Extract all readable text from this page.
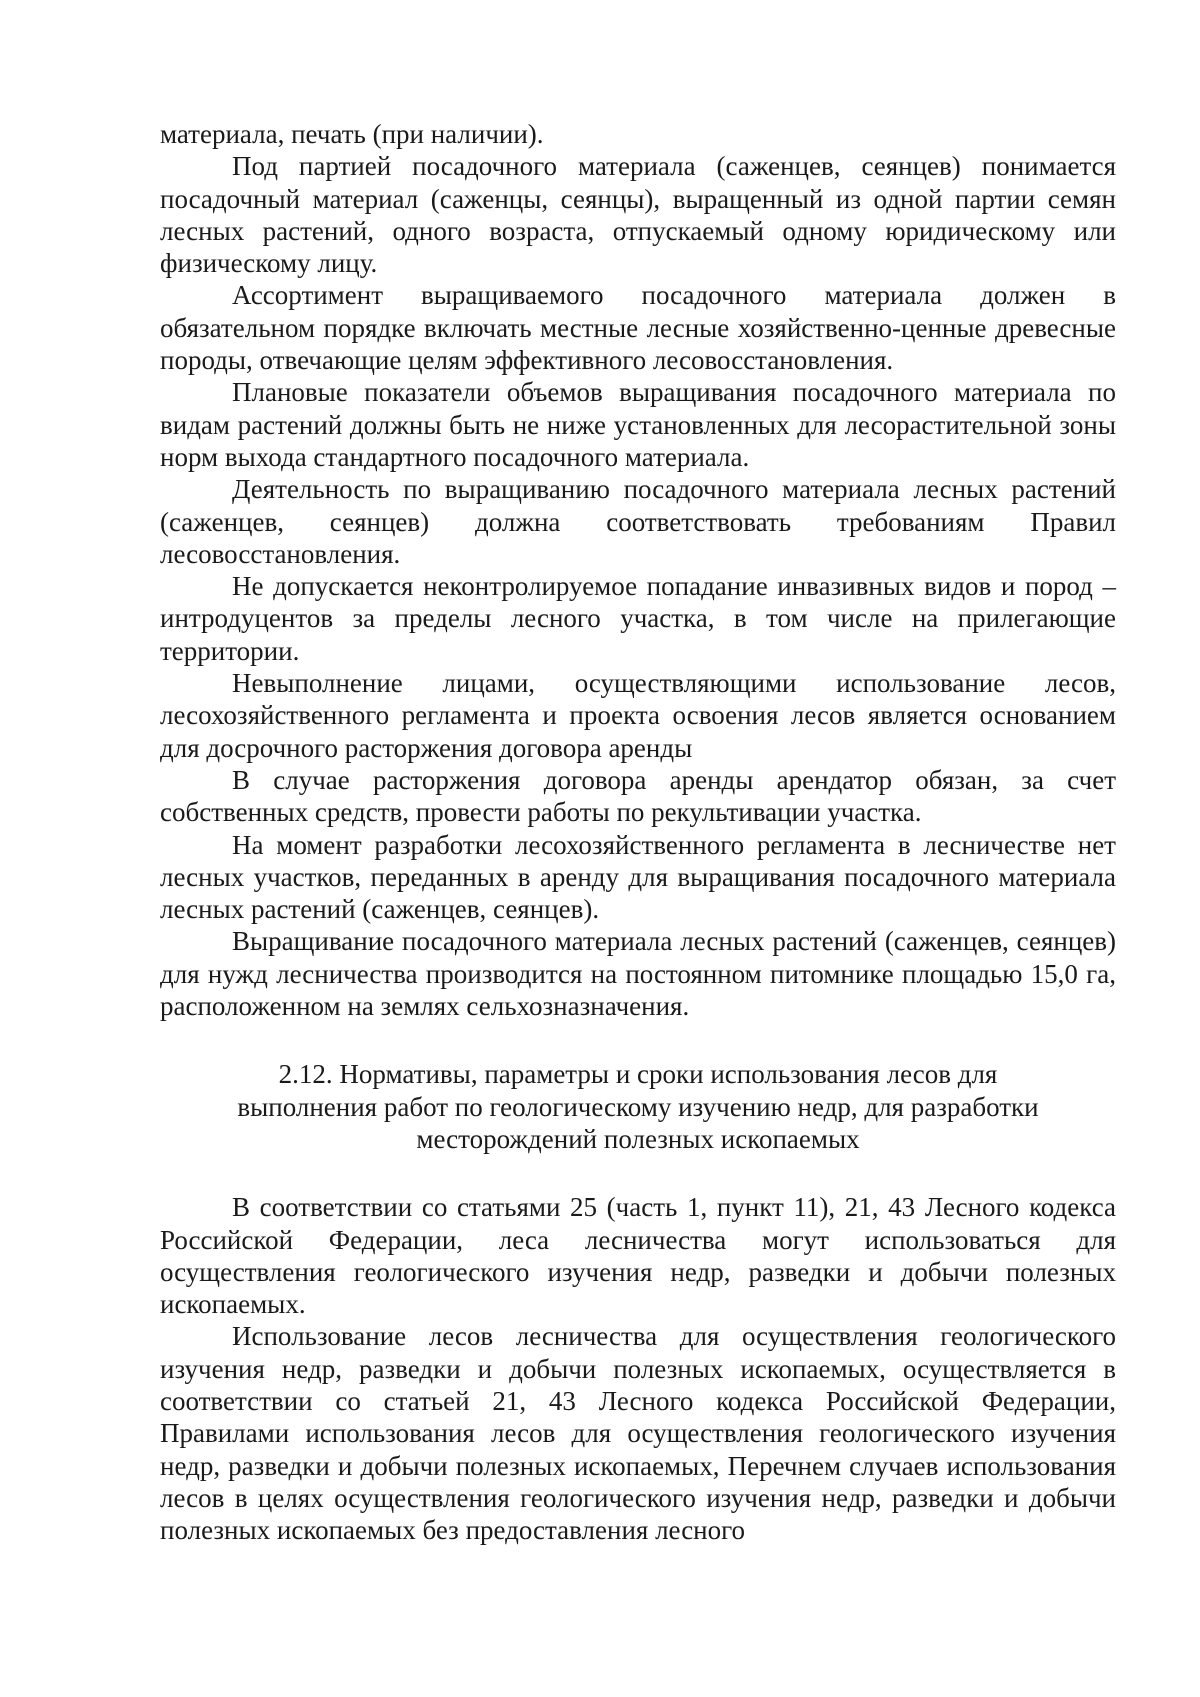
материала, печать (при наличии).

Под партией посадочного материала (саженцев, сеянцев) понимается посадочный материал (саженцы, сеянцы), выращенный из одной партии семян лесных растений, одного возраста, отпускаемый одному юридическому или физическому лицу.

Ассортимент выращиваемого посадочного материала должен в обязательном порядке включать местные лесные хозяйственно-ценные древесные породы, отвечающие целям эффективного лесовосстановления.

Плановые показатели объемов выращивания посадочного материала по видам растений должны быть не ниже установленных для лесорастительной зоны норм выхода стандартного посадочного материала.

Деятельность по выращиванию посадочного материала лесных растений (саженцев, сеянцев) должна соответствовать требованиям Правил лесовосстановления.

Не допускается неконтролируемое попадание инвазивных видов и пород – интродуцентов за пределы лесного участка, в том числе на прилегающие территории.

Невыполнение лицами, осуществляющими использование лесов, лесохозяйственного регламента и проекта освоения лесов является основанием для досрочного расторжения договора аренды

В случае расторжения договора аренды арендатор обязан, за счет собственных средств, провести работы по рекультивации участка.

На момент разработки лесохозяйственного регламента в лесничестве нет лесных участков, переданных в аренду для выращивания посадочного материала лесных растений (саженцев, сеянцев).

Выращивание посадочного материала лесных растений (саженцев, сеянцев) для нужд лесничества производится на постоянном питомнике площадью 15,0 га, расположенном на землях сельхозназначения.

2.12. Нормативы, параметры и сроки использования лесов для
выполнения работ по геологическому изучению недр, для разработки
месторождений полезных ископаемых

В соответствии со статьями 25 (часть 1, пункт 11), 21, 43 Лесного кодекса Российской Федерации, леса лесничества могут использоваться для осуществления геологического изучения недр, разведки и добычи полезных ископаемых.

Использование лесов лесничества для осуществления геологического изучения недр, разведки и добычи полезных ископаемых, осуществляется в соответствии со статьей 21, 43 Лесного кодекса Российской Федерации, Правилами использования лесов для осуществления геологического изучения недр, разведки и добычи полезных ископаемых, Перечнем случаев использования лесов в целях осуществления геологического изучения недр, разведки и добычи полезных ископаемых без предоставления лесного
